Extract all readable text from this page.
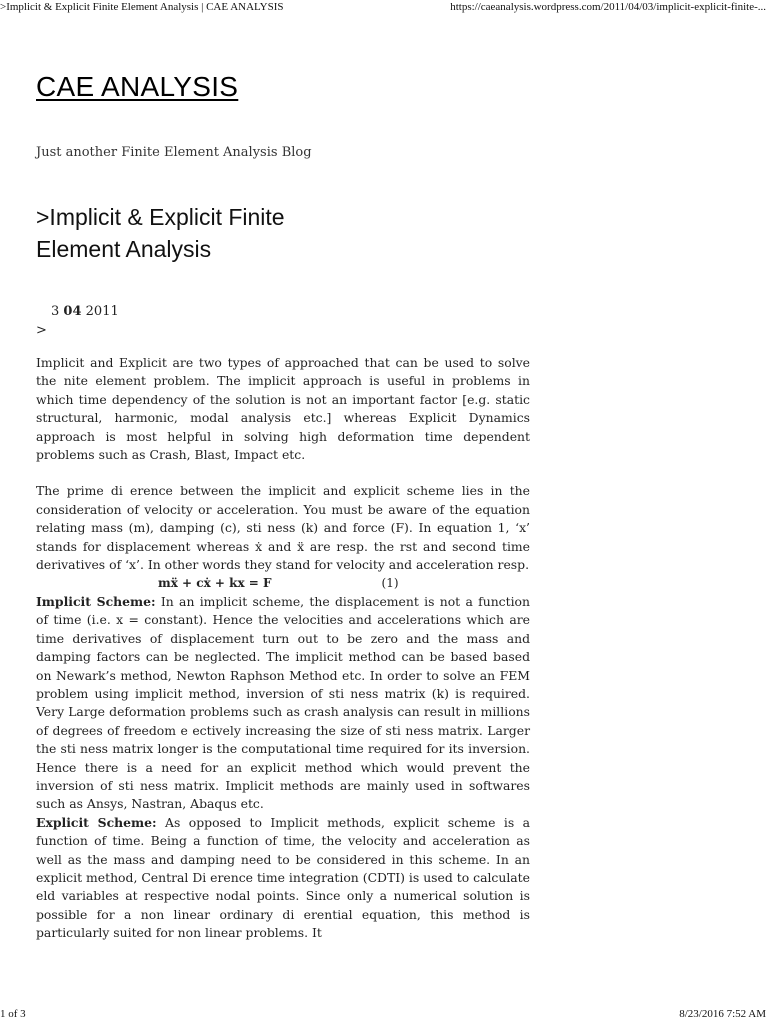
>Implicit & Explicit Finite Element Analysis | CAE ANALYSIS	https://caeanalysis.wordpress.com/2011/04/03/implicit-explicit-finite-...
CAE ANALYSIS

Just another Finite Element Analysis Blog

>Implicit & Explicit Finite Element Analysis

3 04 2011

>

Implicit and Explicit are two types of approached that can be used to solve the nite element problem. The implicit approach is useful in problems in which time dependency of the solution is not an important factor [e.g. static structural, harmonic, modal analysis etc.] whereas Explicit Dynamics approach is most helpful in solving high deformation time dependent problems such as Crash, Blast, Impact etc.

The prime di erence between the implicit and explicit scheme lies in the consideration of velocity or acceleration. You must be aware of the equation relating mass (m), damping (c), sti ness (k) and force (F). In equation 1, ‘x’ stands for displacement whereas ẋ and ẍ are resp. the rst and second time derivatives of ‘x’. In other words they stand for velocity and acceleration resp.

mẍ + cẋ + kx = F	(1)

Implicit Scheme: In an implicit scheme, the displacement is not a function of time (i.e. x = constant). Hence the velocities and accelerations which are time derivatives of displacement turn out to be zero and the mass and damping factors can be neglected. The implicit method can be based based on Newark’s method, Newton Raphson Method etc. In order to solve an FEM problem using implicit method, inversion of sti ness matrix (k) is required. Very Large deformation problems such as crash analysis can result in millions of degrees of freedom e ectively increasing the size of sti ness matrix. Larger the sti ness matrix longer is the computational time required for its inversion. Hence there is a need for an explicit method which would prevent the inversion of sti ness matrix. Implicit methods are mainly used in softwares such as Ansys, Nastran, Abaqus etc.

Explicit Scheme: As opposed to Implicit methods, explicit scheme is a function of time. Being a function of time, the velocity and acceleration as well as the mass and damping need to be considered in this scheme. In an explicit method, Central Di erence time integration (CDTI) is used to calculate eld variables at respective nodal points. Since only a numerical solution is possible for a non linear ordinary di erential equation, this method is particularly suited for non linear problems. It

1 of 3	8/23/2016 7:52 AM
